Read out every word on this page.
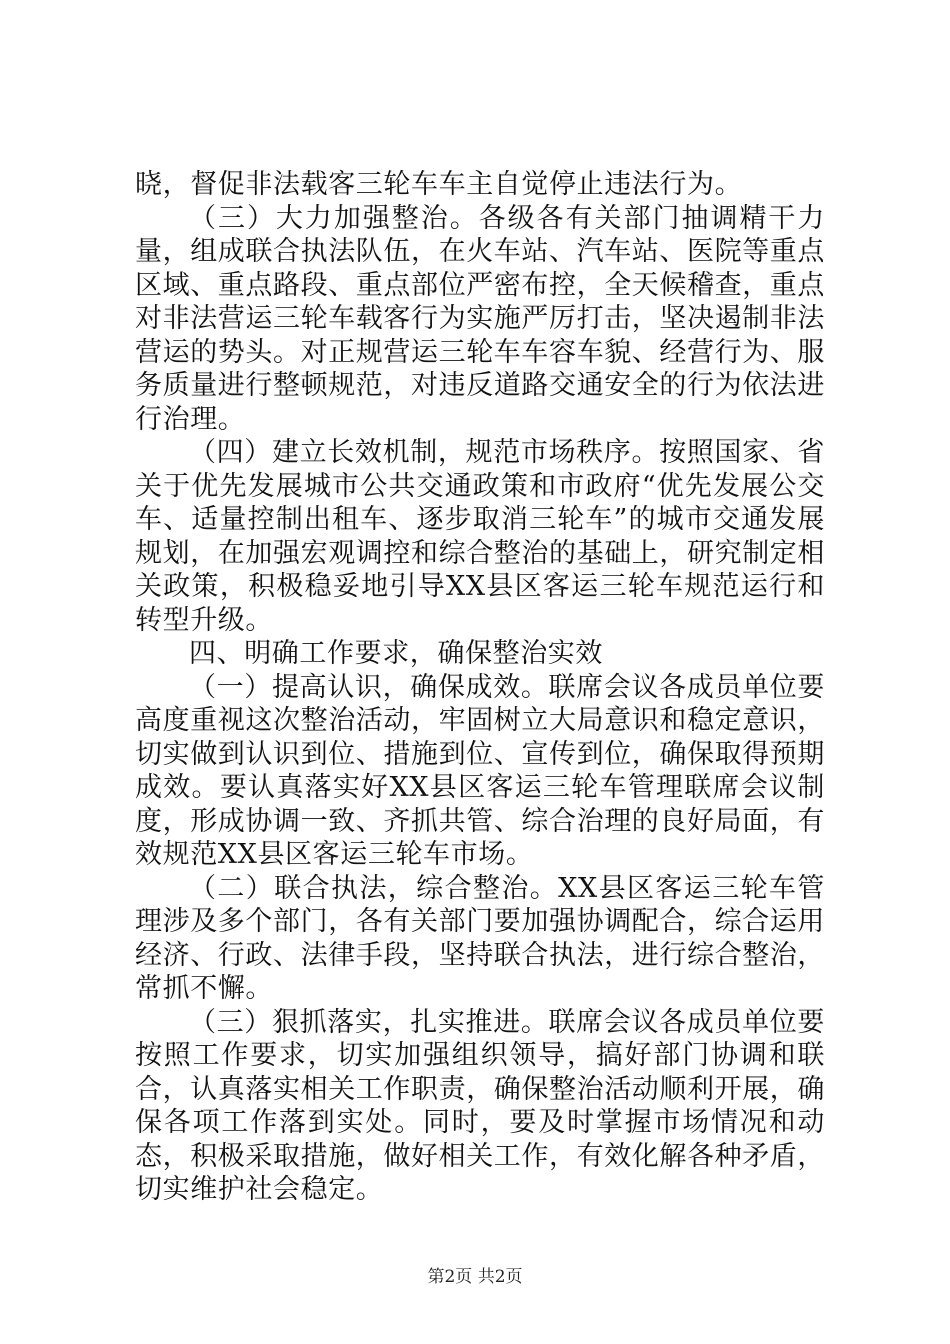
晓，督促非法载客三轮车车主自觉停止违法行为。

（三）大力加强整治。各级各有关部门抽调精干力量，组成联合执法队伍，在火车站、汽车站、医院等重点区域、重点路段、重点部位严密布控，全天候稽查，重点对非法营运三轮车载客行为实施严厉打击，坚决遏制非法营运的势头。对正规营运三轮车车容车貌、经营行为、服务质量进行整顿规范，对违反道路交通安全的行为依法进行治理。

（四）建立长效机制，规范市场秩序。按照国家、省关于优先发展城市公共交通政策和市政府“优先发展公交车、适量控制出租车、逐步取消三轮车”的城市交通发展规划，在加强宏观调控和综合整治的基础上，研究制定相关政策，积极稳妥地引导XX县区客运三轮车规范运行和转型升级。

四、明确工作要求，确保整治实效

（一）提高认识，确保成效。联席会议各成员单位要高度重视这次整治活动，牢固树立大局意识和稳定意识，切实做到认识到位、措施到位、宣传到位，确保取得预期成效。要认真落实好XX县区客运三轮车管理联席会议制度，形成协调一致、齐抓共管、综合治理的良好局面，有效规范XX县区客运三轮车市场。

（二）联合执法，综合整治。XX县区客运三轮车管理涉及多个部门，各有关部门要加强协调配合，综合运用经济、行政、法律手段，坚持联合执法，进行综合整治，常抓不懈。

（三）狠抓落实，扎实推进。联席会议各成员单位要按照工作要求，切实加强组织领导，搞好部门协调和联合，认真落实相关工作职责，确保整治活动顺利开展，确保各项工作落到实处。同时，要及时掌握市场情况和动态，积极采取措施，做好相关工作，有效化解各种矛盾，切实维护社会稳定。

第2页 共2页
